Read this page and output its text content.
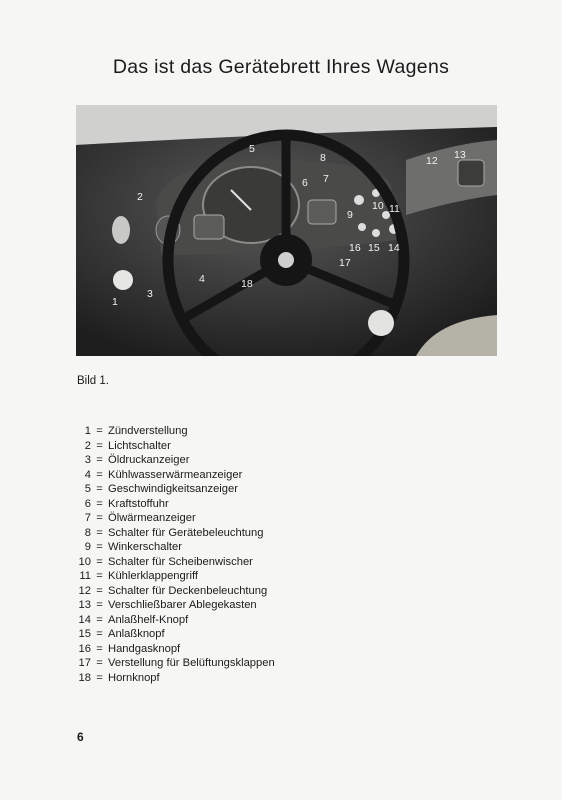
Das ist das Gerätebrett Ihres Wagens
1
2
3
4
5
6 7
8
9
10 11
12 13
14
15
16
17
18
Bild 1.
1 = Zündverstellung
2 = Lichtschalter
3 = Öldruckanzeiger
4 = Kühlwasserwärmeanzeiger
5 = Geschwindigkeitsanzeiger
6 = Kraftstoffuhr
7 = Ölwärmeanzeiger
8 = Schalter für Gerätebeleuchtung
9 = Winkerschalter
10 = Schalter für Scheibenwischer
11 = Kühlerklappengriff
12 = Schalter für Deckenbeleuchtung
13 = Verschließbarer Ablegekasten
14 = Anlaßhelf-Knopf
15 = Anlaßknopf
16 = Handgasknopf
17 = Verstellung für Belüftungsklappen
18 = Hornknopf
6
